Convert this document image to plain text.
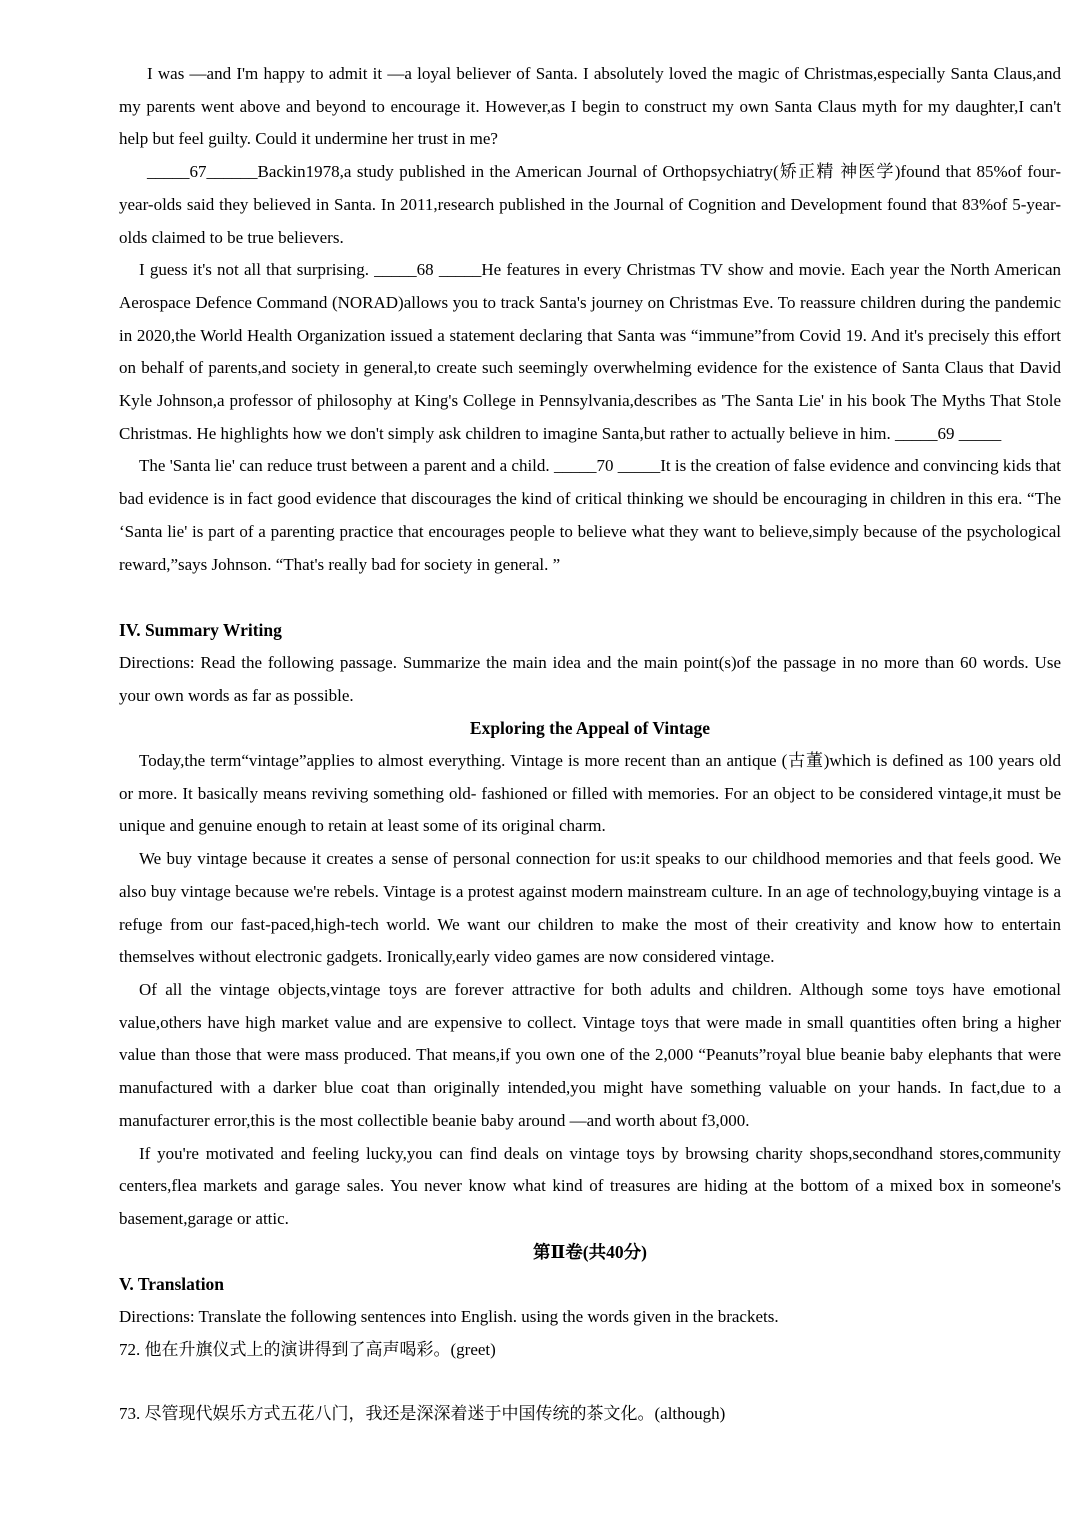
I was —and I'm happy to admit it —a loyal believer of Santa. I absolutely loved the magic of Christmas,especially Santa Claus,and my parents went above and beyond to encourage it. However,as I begin to construct my own Santa Claus myth for my daughter,I can't help but feel guilty. Could it undermine her trust in me?

_____67______Backin1978,a study published in the American Journal of Orthopsychiatry(矫正精 神医学)found that 85%of four-year-olds said they believed in Santa. In 2011,research published in the Journal of Cognition and Development found that 83%of 5-year-olds claimed to be true believers.

I guess it's not all that surprising. _____68 _____He features in every Christmas TV show and movie. Each year the North American Aerospace Defence Command (NORAD)allows you to track Santa's journey on Christmas Eve. To reassure children during the pandemic in 2020,the World Health Organization issued a statement declaring that Santa was “immune”from Covid 19. And it's precisely this effort on behalf of parents,and society in general,to create such seemingly overwhelming evidence for the existence of Santa Claus that David Kyle Johnson,a professor of philosophy at King's College in Pennsylvania,describes as 'The Santa Lie' in his book The Myths That Stole Christmas. He highlights how we don't simply ask children to imagine Santa,but rather to actually believe in him. _____69 _____

The 'Santa lie' can reduce trust between a parent and a child. _____70 _____It is the creation of false evidence and convincing kids that bad evidence is in fact good evidence that discourages the kind of critical thinking we should be encouraging in children in this era. “The ‘Santa lie' is part of a parenting practice that encourages people to believe what they want to believe,simply because of the psychological reward,”says Johnson. “That's really bad for society in general. ”

IV. Summary Writing

Directions: Read the following passage. Summarize the main idea and the main point(s)of the passage in no more than 60 words. Use your own words as far as possible.

Exploring the Appeal of Vintage

Today,the term“vintage”applies to almost everything. Vintage is more recent than an antique (古董)which is defined as 100 years old or more. It basically means reviving something old- fashioned or filled with memories. For an object to be considered vintage,it must be unique and genuine enough to retain at least some of its original charm.

We buy vintage because it creates a sense of personal connection for us:it speaks to our childhood memories and that feels good. We also buy vintage because we're rebels. Vintage is a protest against modern mainstream culture. In an age of technology,buying vintage is a refuge from our fast-paced,high-tech world. We want our children to make the most of their creativity and know how to entertain themselves without electronic gadgets. Ironically,early video games are now considered vintage.

Of all the vintage objects,vintage toys are forever attractive for both adults and children. Although some toys have emotional value,others have high market value and are expensive to collect. Vintage toys that were made in small quantities often bring a higher value than those that were mass produced. That means,if you own one of the 2,000 “Peanuts”royal blue beanie baby elephants that were manufactured with a darker blue coat than originally intended,you might have something valuable on your hands. In fact,due to a manufacturer error,this is the most collectible beanie baby around —and worth about f3,000.

If you're motivated and feeling lucky,you can find deals on vintage toys by browsing charity shops,secondhand stores,community centers,flea markets and garage sales. You never know what kind of treasures are hiding at the bottom of a mixed box in someone's basement,garage or attic.

第Ⅱ卷(共40分)

V. Translation

Directions: Translate the following sentences into English. using the words given in the brackets.

72. 他在升旗仪式上的演讲得到了高声喝彩。(greet)

73. 尽管现代娱乐方式五花八门，我还是深深着迷于中国传统的茶文化。(although)
